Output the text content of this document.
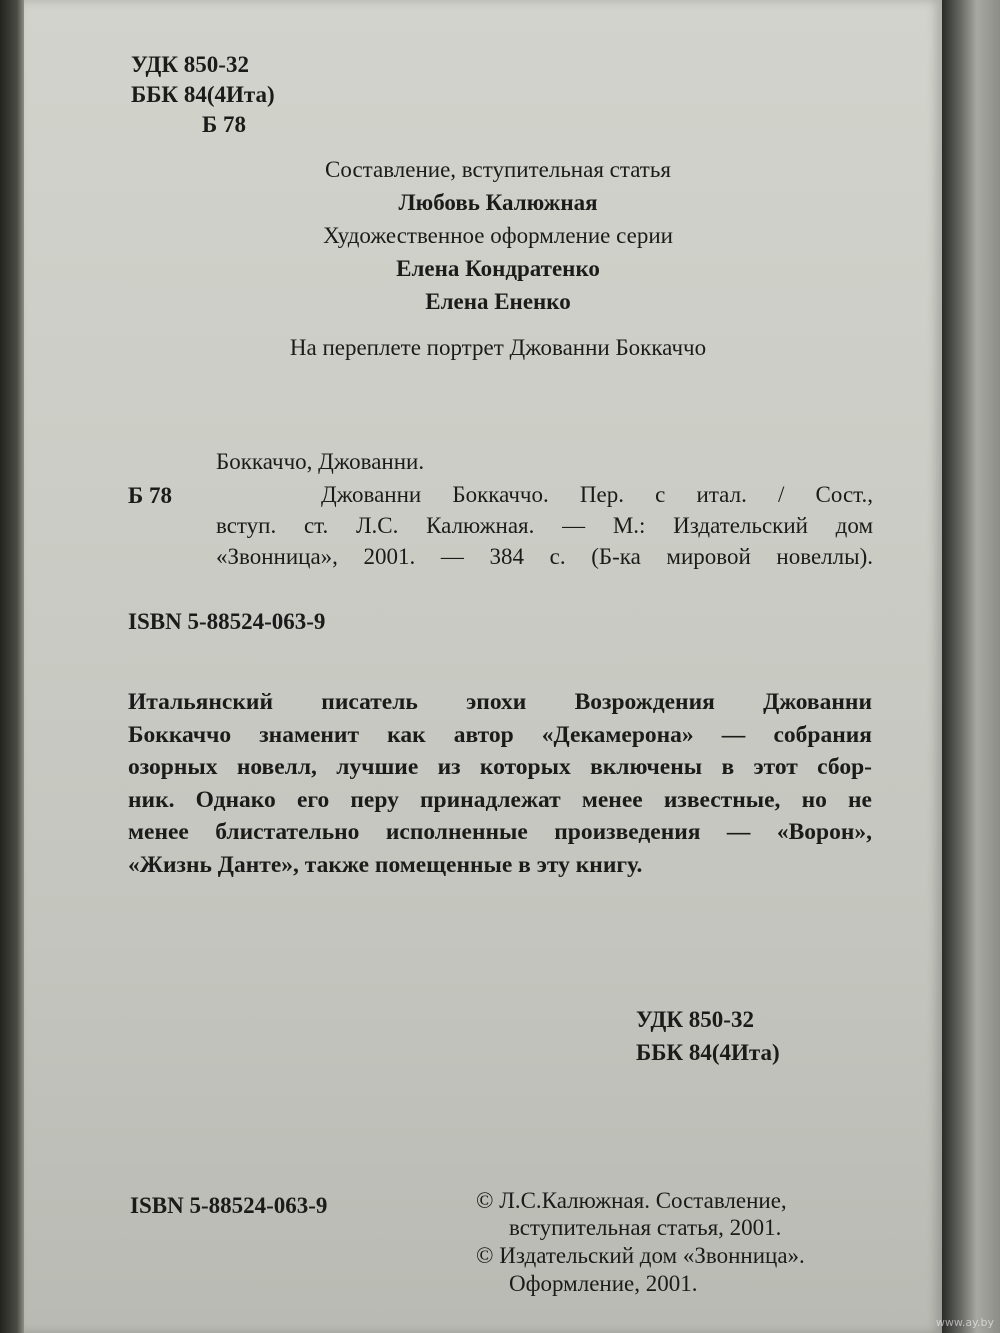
УДК 850-32
ББК 84(4Ита)
Б 78
Составление, вступительная статья
Любовь Калюжная
Художественное оформление серии
Елена Кондратенко
Елена Ененко
На переплете портрет Джованни Боккаччо
Боккаччо, Джованни.
Б 78	Джованни Боккаччо. Пер. с итал. / Сост.,
вступ. ст. Л.С. Калюжная. — М.: Издательский дом
«Звонница», 2001. — 384 с. (Б-ка мировой новеллы).
ISBN 5-88524-063-9
Итальянский писатель эпохи Возрождения Джованни
Боккаччо знаменит как автор «Декамерона» — собрания
озорных новелл, лучшие из которых включены в этот сбор-
ник. Однако его перу принадлежат менее известные, но не
менее блистательно исполненные произведения — «Ворон»,
«Жизнь Данте», также помещенные в эту книгу.
УДК 850-32
ББК 84(4Ита)
ISBN 5-88524-063-9	© Л.С.Калюжная. Составление,
вступительная статья, 2001.
© Издательский дом «Звонница».
Оформление, 2001.
www.ay.by
